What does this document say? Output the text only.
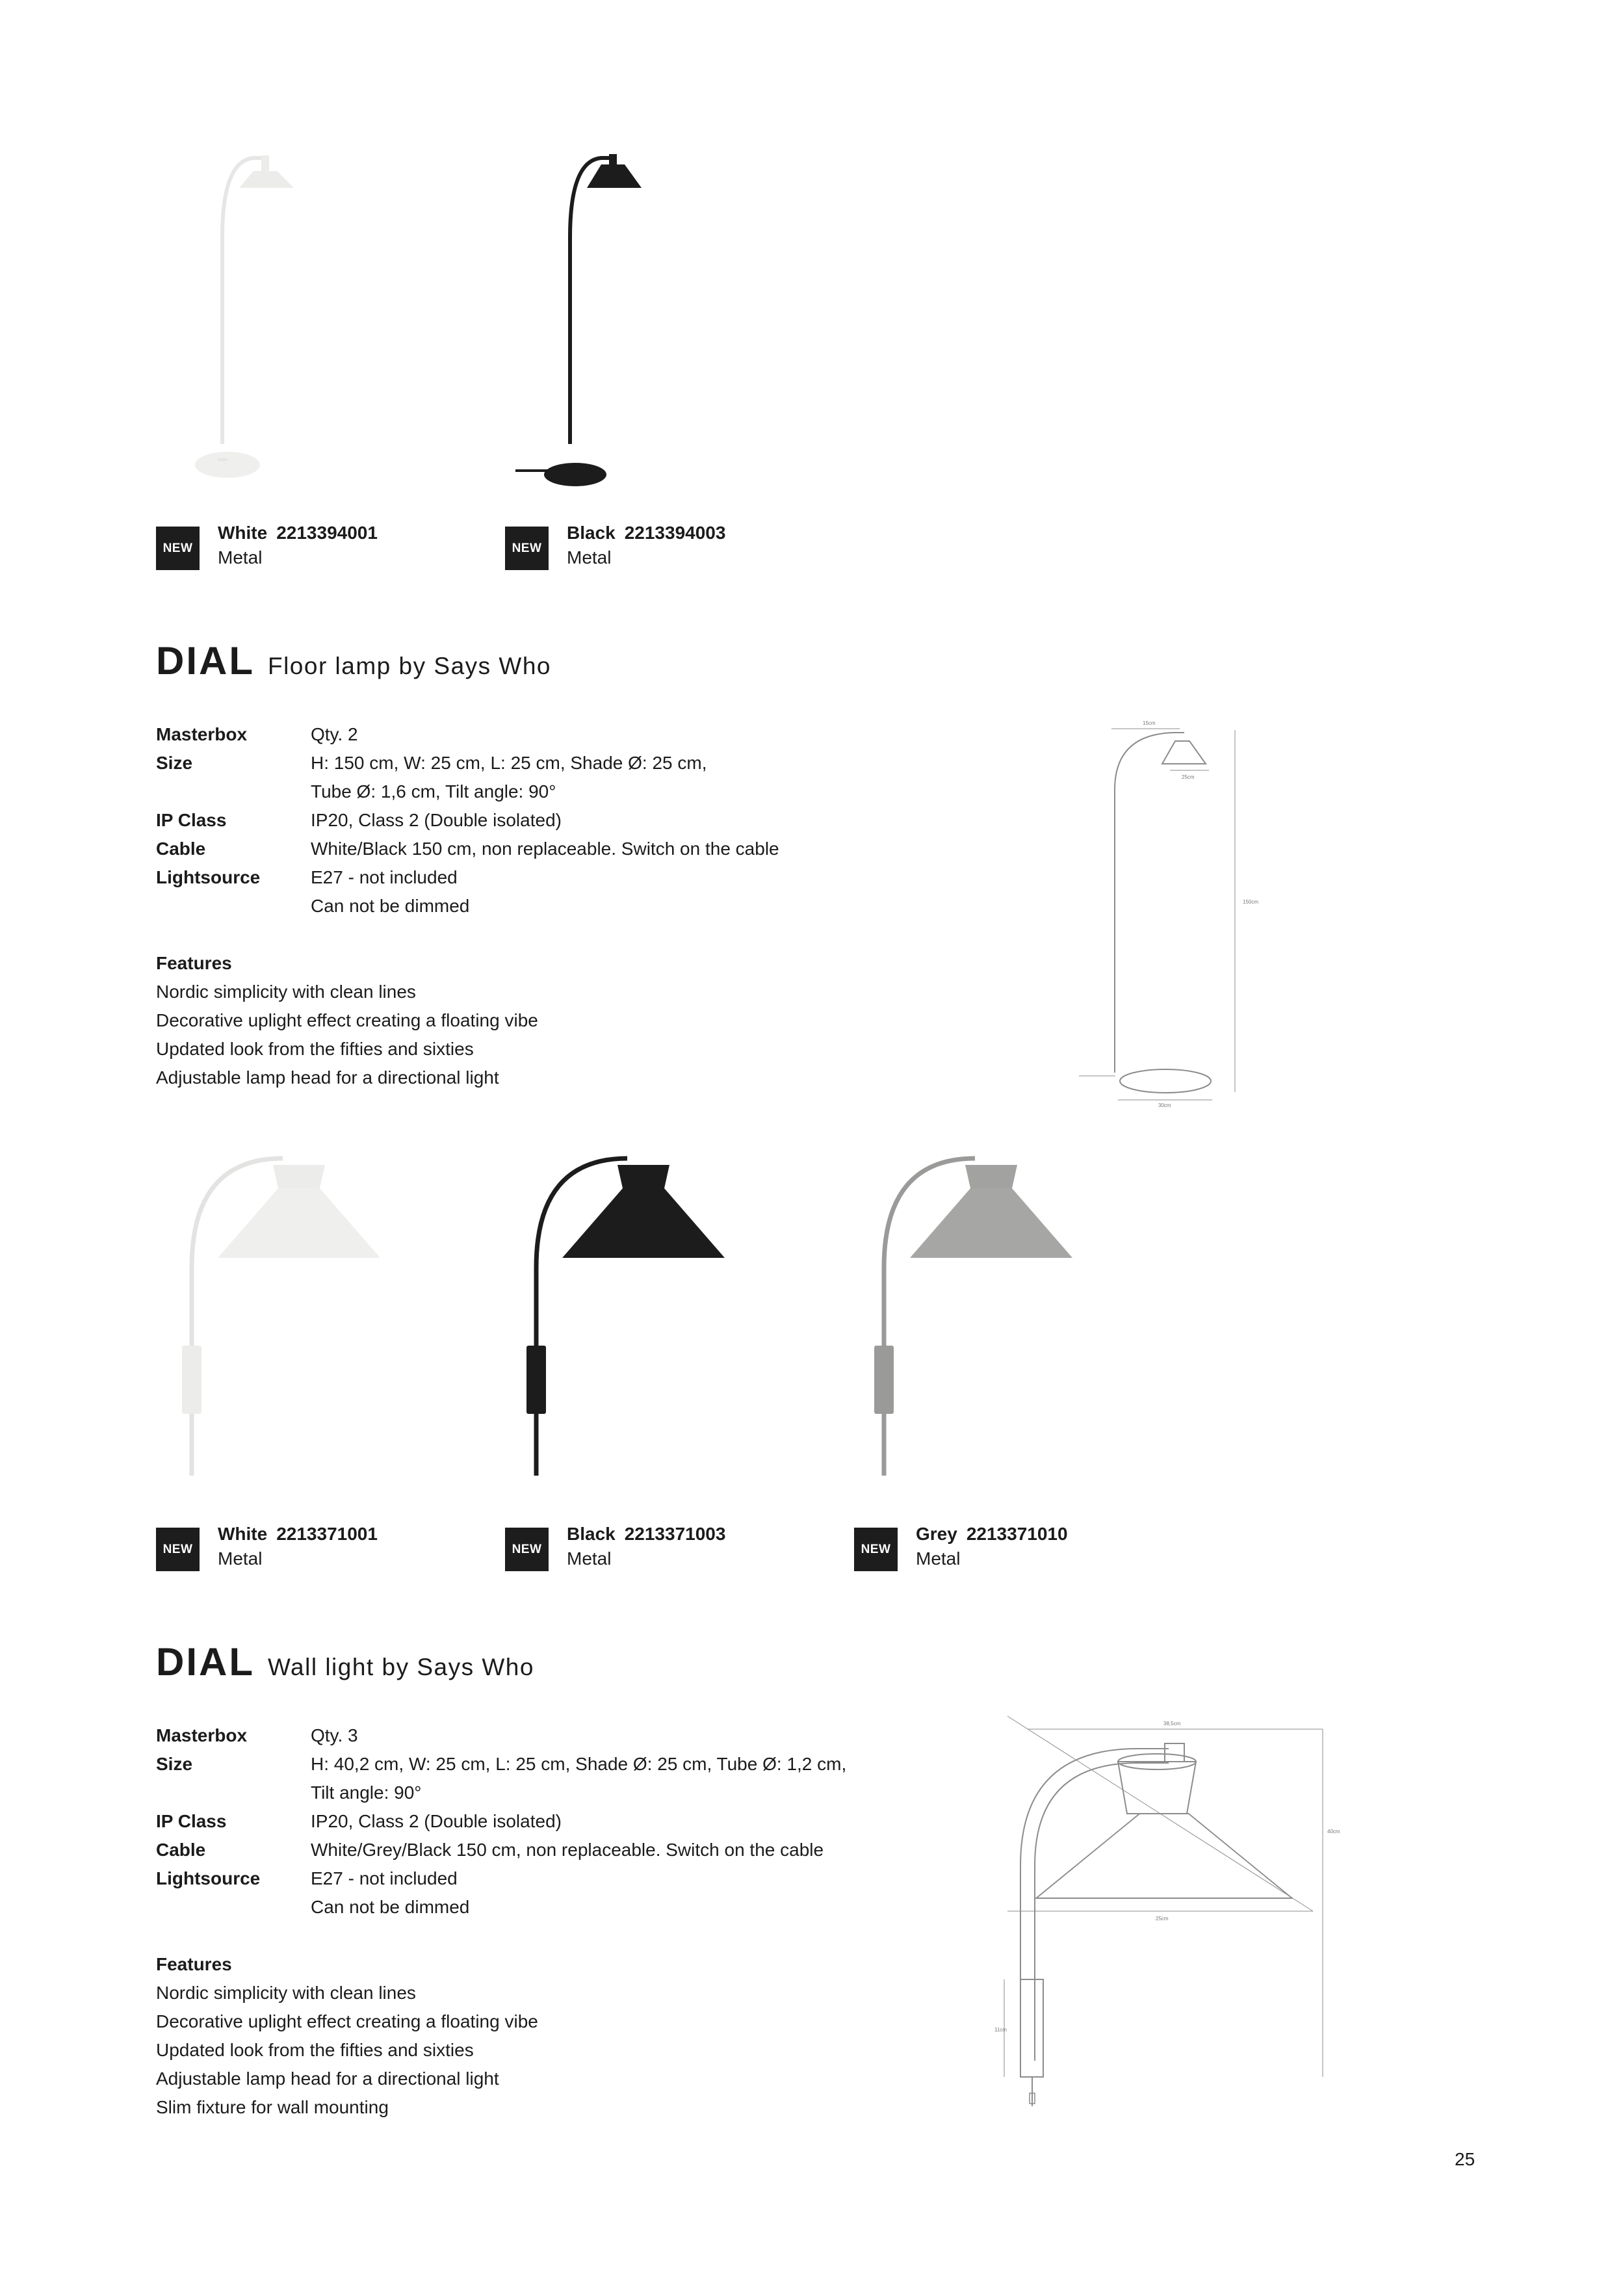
NEW
White 2213394001
Metal	NEW
Black 2213394003
Metal
DIAL Floor lamp by Says Who
Masterbox	Qty. 2
Size	H: 150 cm, W: 25 cm, L: 25 cm, Shade Ø: 25 cm,
Tube Ø: 1,6 cm, Tilt angle: 90°
IP Class	IP20, Class 2 (Double isolated)
Cable	White/Black 150 cm, non replaceable. Switch on the cable
Lightsource	E27 - not included
Can not be dimmed
Features
Nordic simplicity with clean lines
Decorative uplight effect creating a floating vibe
Updated look from the fifties and sixties
Adjustable lamp head for a directional light
15cm
25cm
150cm
30cm
NEW
White 2213371001
Metal	NEW
Black 2213371003
Metal	NEW
Grey 2213371010
Metal
DIAL Wall light by Says Who
Masterbox	Qty. 3
Size	H: 40,2 cm, W: 25 cm, L: 25 cm, Shade Ø: 25 cm, Tube Ø: 1,2 cm,
Tilt angle: 90°
IP Class	IP20, Class 2 (Double isolated)
Cable	White/Grey/Black 150 cm, non replaceable. Switch on the cable
Lightsource	E27 - not included
Can not be dimmed
Features
Nordic simplicity with clean lines
Decorative uplight effect creating a floating vibe
Updated look from the fifties and sixties
Adjustable lamp head for a directional light
Slim fixture for wall mounting
38,5cm
40cm
25cm
11cm
25
